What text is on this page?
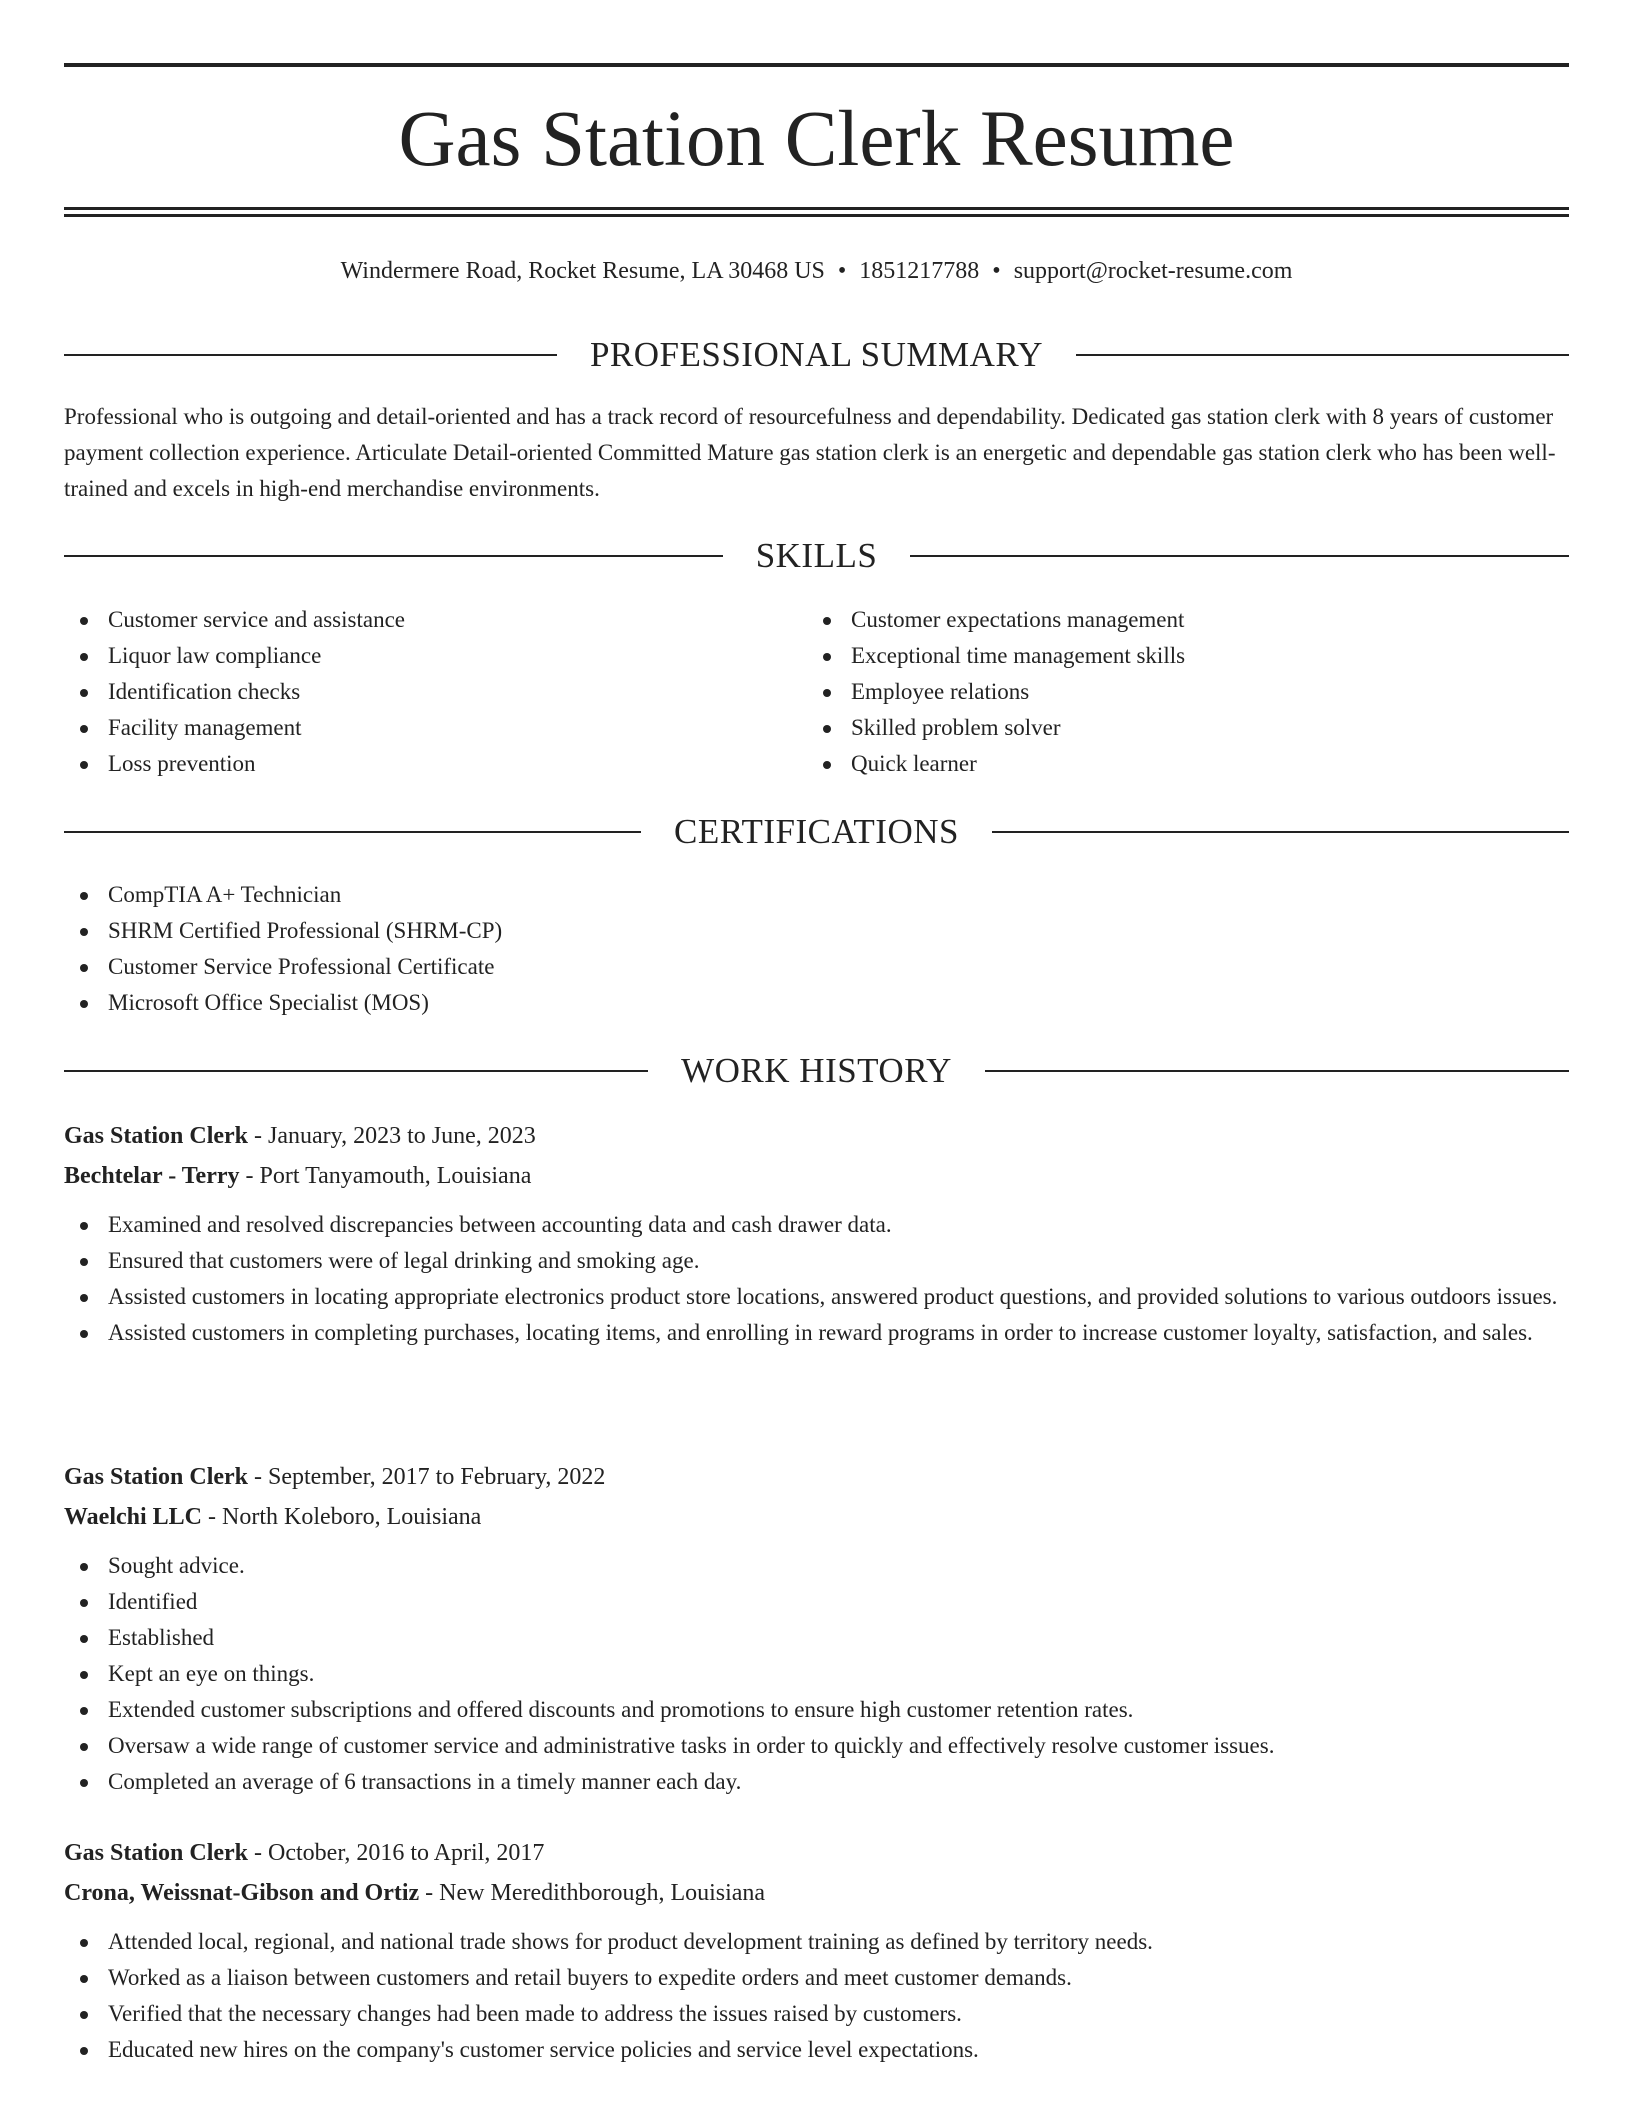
Gas Station Clerk Resume
Windermere Road, Rocket Resume, LA 30468 US • 1851217788 • support@rocket-resume.com
PROFESSIONAL SUMMARY

Professional who is outgoing and detail-oriented and has a track record of resourcefulness and dependability. Dedicated gas station clerk with 8 years of customer payment collection experience. Articulate Detail-oriented Committed Mature gas station clerk is an energetic and dependable gas station clerk who has been well-trained and excels in high-end merchandise environments.

SKILLS
Customer service and assistance
Liquor law compliance
Identification checks
Facility management
Loss prevention
Customer expectations management
Exceptional time management skills
Employee relations
Skilled problem solver
Quick learner
CERTIFICATIONS
CompTIA A+ Technician
SHRM Certified Professional (SHRM-CP)
Customer Service Professional Certificate
Microsoft Office Specialist (MOS)
WORK HISTORY
Gas Station Clerk - January, 2023 to June, 2023
Bechtelar - Terry - Port Tanyamouth, Louisiana
Examined and resolved discrepancies between accounting data and cash drawer data.
Ensured that customers were of legal drinking and smoking age.
Assisted customers in locating appropriate electronics product store locations, answered product questions, and provided solutions to various outdoors issues.
Assisted customers in completing purchases, locating items, and enrolling in reward programs in order to increase customer loyalty, satisfaction, and sales.
Gas Station Clerk - September, 2017 to February, 2022
Waelchi LLC - North Koleboro, Louisiana
Sought advice.
Identified
Established
Kept an eye on things.
Extended customer subscriptions and offered discounts and promotions to ensure high customer retention rates.
Oversaw a wide range of customer service and administrative tasks in order to quickly and effectively resolve customer issues.
Completed an average of 6 transactions in a timely manner each day.
Gas Station Clerk - October, 2016 to April, 2017
Crona, Weissnat-Gibson and Ortiz - New Meredithborough, Louisiana
Attended local, regional, and national trade shows for product development training as defined by territory needs.
Worked as a liaison between customers and retail buyers to expedite orders and meet customer demands.
Verified that the necessary changes had been made to address the issues raised by customers.
Educated new hires on the company's customer service policies and service level expectations.
